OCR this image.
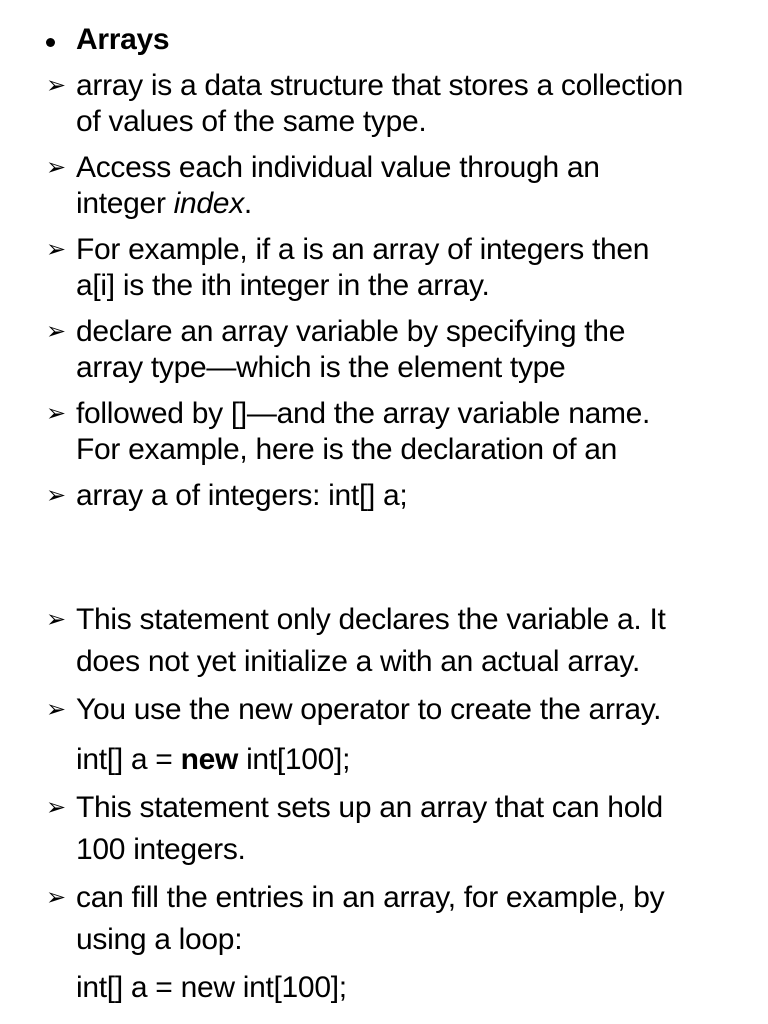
Arrays
➢ array is a data structure that stores a collection
of values of the same type.
➢ Access each individual value through an
integer index.
➢ For example, if a is an array of integers then
a[i] is the ith integer in the array.
➢ declare an array variable by specifying the
array type—which is the element type
➢ followed by []—and the array variable name.
For example, here is the declaration of an
➢ array a of integers: int[] a;
➢ This statement only declares the variable a. It
does not yet initialize a with an actual array.
➢ You use the new operator to create the array.
int[] a = new int[100];
➢ This statement sets up an array that can hold
100 integers.
➢ can fill the entries in an array, for example, by
using a loop:
int[] a = new int[100];
